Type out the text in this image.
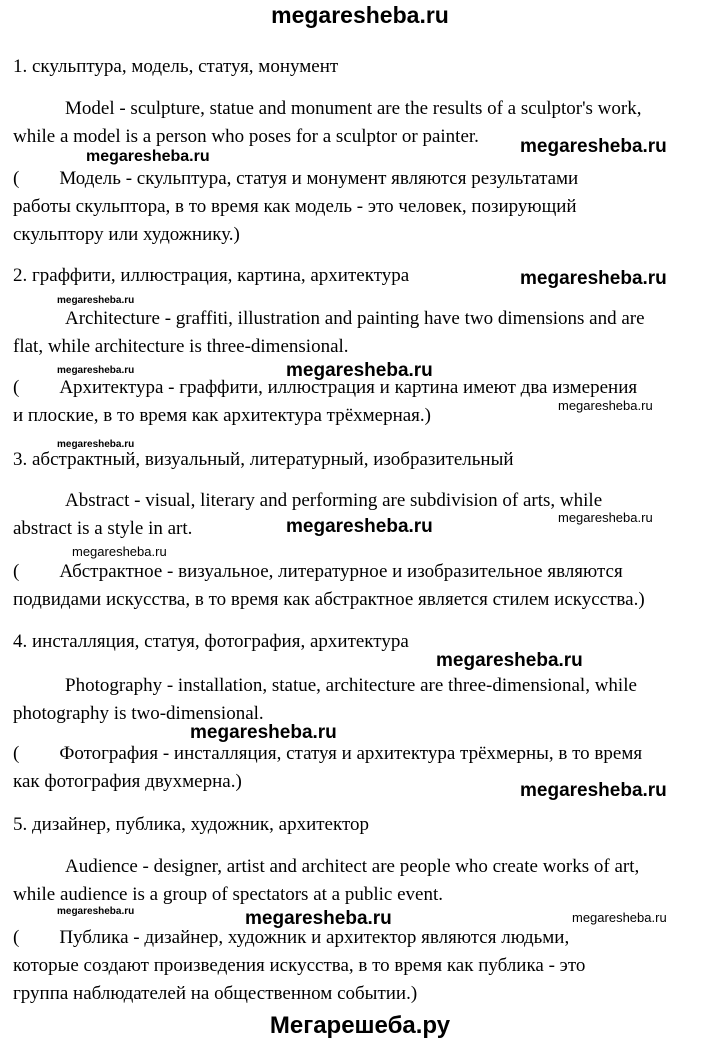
megaresheba.ru
1. скульптура, модель, статуя, монумент
Model - sculpture, statue and monument are the results of a sculptor's work,
while a model is a person who poses for a sculptor or painter.
( Модель - скульптура, статуя и монумент являются результатами
работы скульптора, в то время как модель - это человек, позирующий
скульптору или художнику.)
2. граффити, иллюстрация, картина, архитектура
Architecture - graffiti, illustration and painting have two dimensions and are
flat, while architecture is three-dimensional.
( Архитектура - граффити, иллюстрация и картина имеют два измерения
и плоские, в то время как архитектура трёхмерная.)
3. абстрактный, визуальный, литературный, изобразительный
Abstract - visual, literary and performing are subdivision of arts, while
abstract is a style in art.
( Абстрактное - визуальное, литературное и изобразительное являются
подвидами искусства, в то время как абстрактное является стилем искусства.)
4. инсталляция, статуя, фотография, архитектура
Photography - installation, statue, architecture are three-dimensional, while
photography is two-dimensional.
( Фотография - инсталляция, статуя и архитектура трёхмерны, в то время
как фотография двухмерна.)
5. дизайнер, публика, художник, архитектор
Audience - designer, artist and architect are people who create works of art,
while audience is a group of spectators at a public event.
( Публика - дизайнер, художник и архитектор являются людьми,
которые создают произведения искусства, в то время как публика - это
группа наблюдателей на общественном событии.)
megaresheba.ru
megaresheba.ru
megaresheba.ru
megaresheba.ru
megaresheba.ru
megaresheba.ru
megaresheba.ru
megaresheba.ru
megaresheba.ru
megaresheba.ru
megaresheba.ru
megaresheba.ru
megaresheba.ru
megaresheba.ru
megaresheba.ru
megaresheba.ru	megaresheba.ru
Мегарешеба.ру
